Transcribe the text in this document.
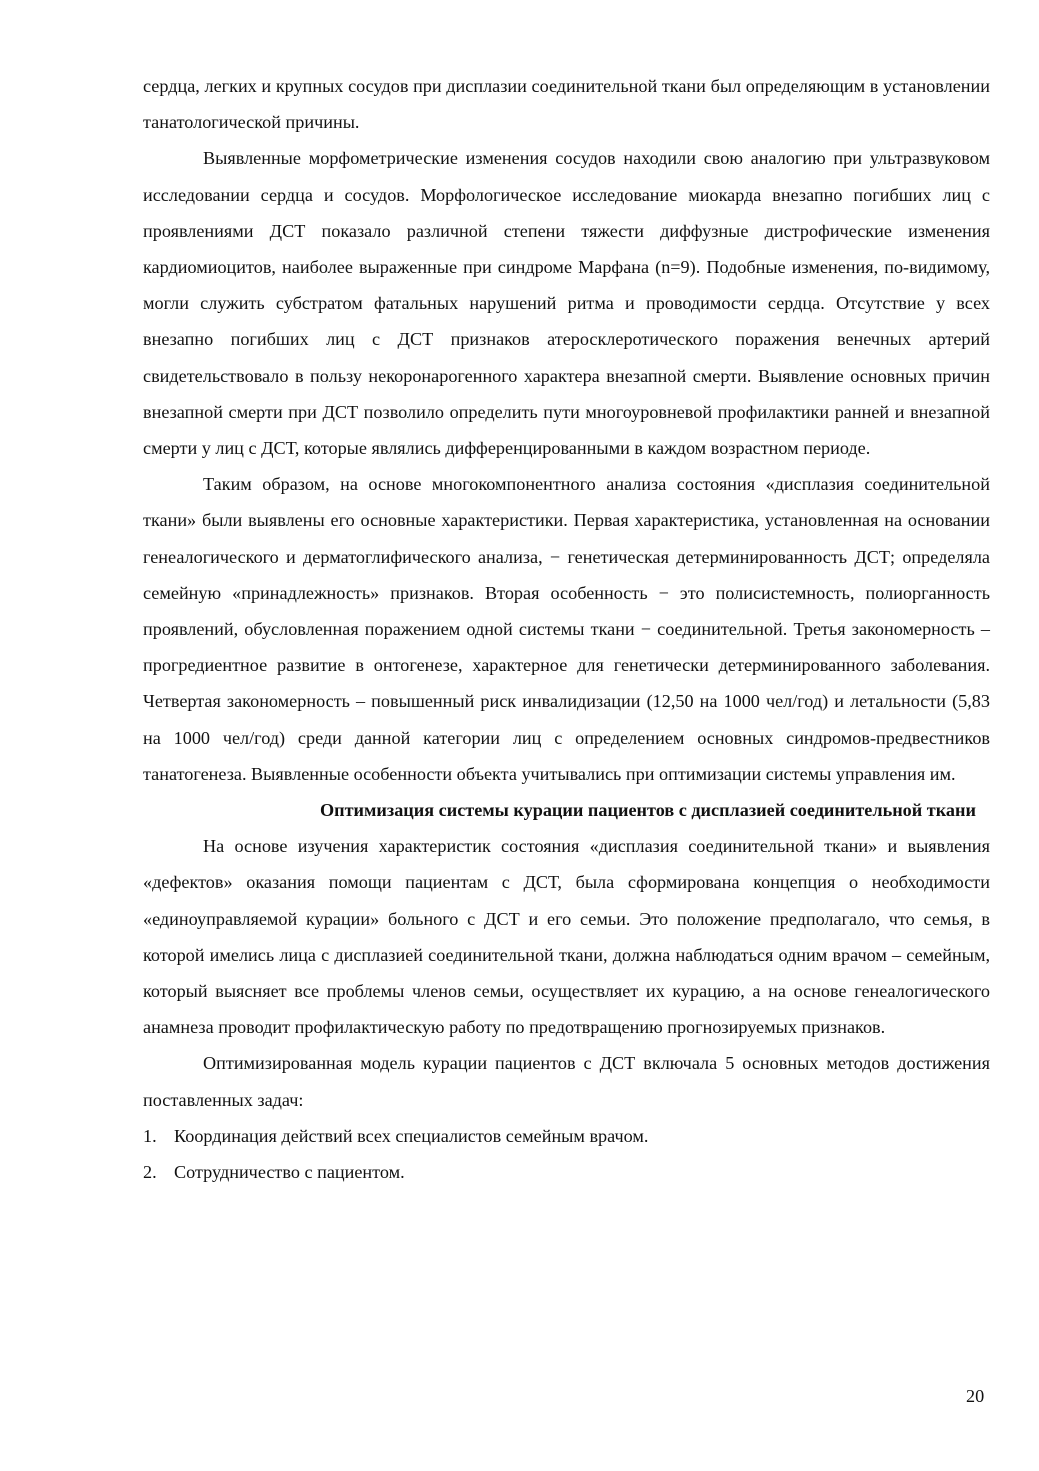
сердца, легких и крупных сосудов при дисплазии соединительной ткани был определяющим в установлении танатологической причины.

Выявленные морфометрические изменения сосудов находили свою аналогию при ультразвуковом исследовании сердца и сосудов. Морфологическое исследование миокарда внезапно погибших лиц с проявлениями ДСТ показало различной степени тяжести диффузные дистрофические изменения кардиомиоцитов, наиболее выраженные при синдроме Марфана (n=9). Подобные изменения, по-видимому, могли служить субстратом фатальных нарушений ритма и проводимости сердца. Отсутствие у всех внезапно погибших лиц с ДСТ признаков атеросклеротического поражения венечных артерий свидетельствовало в пользу некоронарогенного характера внезапной смерти. Выявление основных причин внезапной смерти при ДСТ позволило определить пути многоуровневой профилактики ранней и внезапной смерти у лиц с ДСТ, которые являлись дифференцированными в каждом возрастном периоде.

Таким образом, на основе многокомпонентного анализа состояния «дисплазия соединительной ткани» были выявлены его основные характеристики. Первая характеристика, установленная на основании генеалогического и дерматоглифического анализа, − генетическая детерминированность ДСТ; определяла семейную «принадлежность» признаков. Вторая особенность − это полисистемность, полиорганность проявлений, обусловленная поражением одной системы ткани − соединительной. Третья закономерность – прогредиентное развитие в онтогенезе, характерное для генетически детерминированного заболевания. Четвертая закономерность – повышенный риск инвалидизации (12,50 на 1000 чел/год) и летальности (5,83 на 1000 чел/год) среди данной категории лиц с определением основных синдромов-предвестников танатогенеза. Выявленные особенности объекта учитывались при оптимизации системы управления им.

Оптимизация системы курации пациентов с дисплазией соединительной ткани

На основе изучения характеристик состояния «дисплазия соединительной ткани» и выявления «дефектов» оказания помощи пациентам с ДСТ, была сформирована концепция о необходимости «единоуправляемой курации» больного с ДСТ и его семьи. Это положение предполагало, что семья, в которой имелись лица с дисплазией соединительной ткани, должна наблюдаться одним врачом – семейным, который выясняет все проблемы членов семьи, осуществляет их курацию, а на основе генеалогического анамнеза проводит профилактическую работу по предотвращению прогнозируемых признаков.

Оптимизированная модель курации пациентов с ДСТ включала 5 основных методов достижения поставленных задач:

1. Координация действий всех специалистов семейным врачом.
2. Сотрудничество с пациентом.
20
